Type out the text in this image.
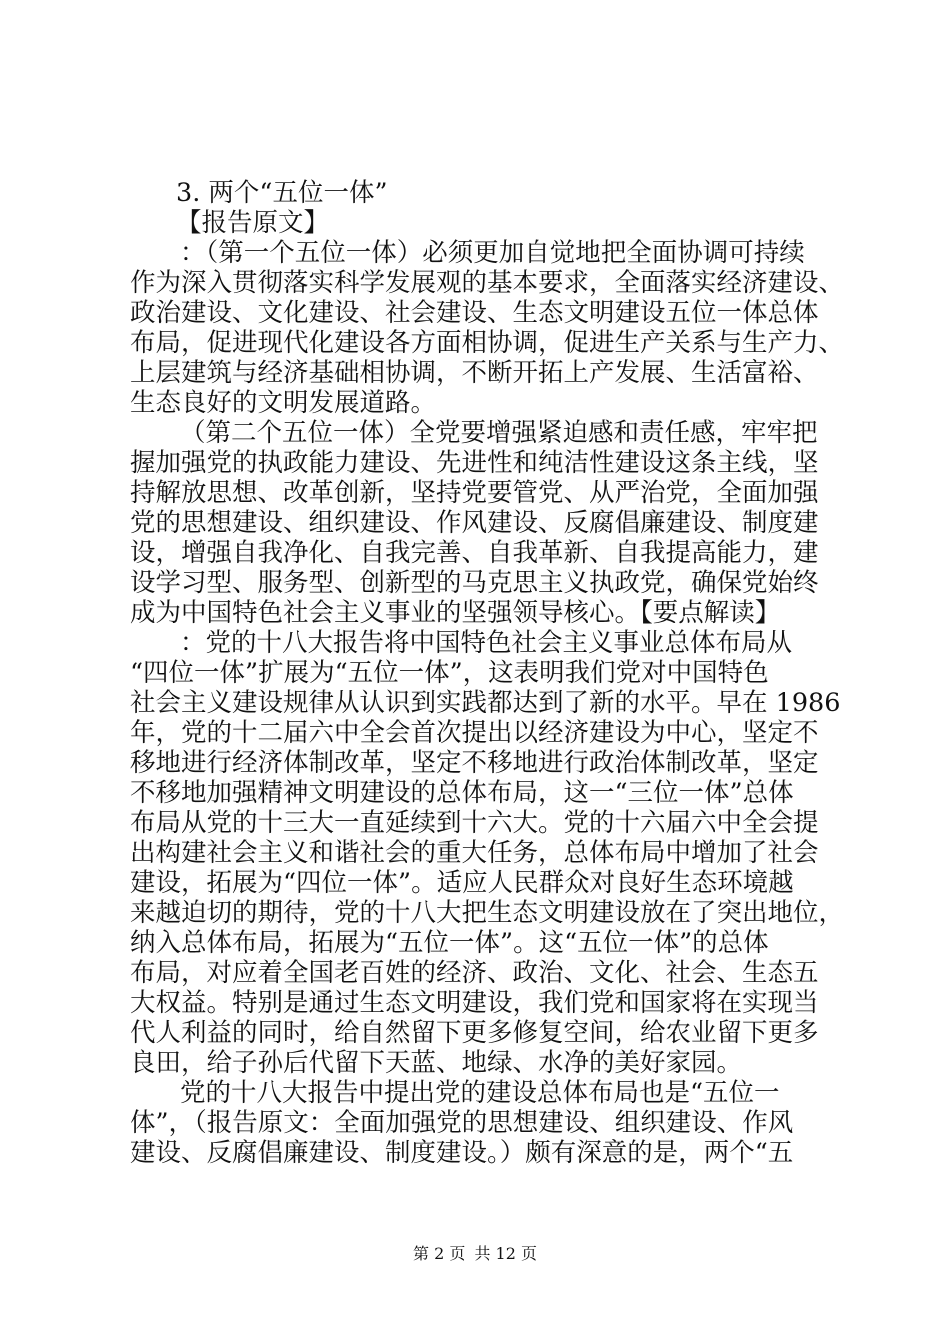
3. 两个“五位一体”
【报告原文】
：（第一个五位一体）必须更加自觉地把全面协调可持续
作为深入贯彻落实科学发展观的基本要求，全面落实经济建设、
政治建设、文化建设、社会建设、生态文明建设五位一体总体
布局，促进现代化建设各方面相协调，促进生产关系与生产力、
上层建筑与经济基础相协调，不断开拓上产发展、生活富裕、
生态良好的文明发展道路。
（第二个五位一体）全党要增强紧迫感和责任感，牢牢把
握加强党的执政能力建设、先进性和纯洁性建设这条主线，坚
持解放思想、改革创新，坚持党要管党、从严治党，全面加强
党的思想建设、组织建设、作风建设、反腐倡廉建设、制度建
设，增强自我净化、自我完善、自我革新、自我提高能力，建
设学习型、服务型、创新型的马克思主义执政党，确保党始终
成为中国特色社会主义事业的坚强领导核心。【要点解读】
：党的十八大报告将中国特色社会主义事业总体布局从
“四位一体”扩展为“五位一体”，这表明我们党对中国特色
社会主义建设规律从认识到实践都达到了新的水平。早在 1986
年，党的十二届六中全会首次提出以经济建设为中心，坚定不
移地进行经济体制改革，坚定不移地进行政治体制改革，坚定
不移地加强精神文明建设的总体布局，这一“三位一体”总体
布局从党的十三大一直延续到十六大。党的十六届六中全会提
出构建社会主义和谐社会的重大任务，总体布局中增加了社会
建设，拓展为“四位一体”。适应人民群众对良好生态环境越
来越迫切的期待，党的十八大把生态文明建设放在了突出地位，
纳入总体布局，拓展为“五位一体”。这“五位一体”的总体
布局，对应着全国老百姓的经济、政治、文化、社会、生态五
大权益。特别是通过生态文明建设，我们党和国家将在实现当
代人利益的同时，给自然留下更多修复空间，给农业留下更多
良田，给子孙后代留下天蓝、地绿、水净的美好家园。
党的十八大报告中提出党的建设总体布局也是“五位一
体”，（报告原文：全面加强党的思想建设、组织建设、作风
建设、反腐倡廉建设、制度建设。）颇有深意的是，两个“五
第 2 页 共 12 页
